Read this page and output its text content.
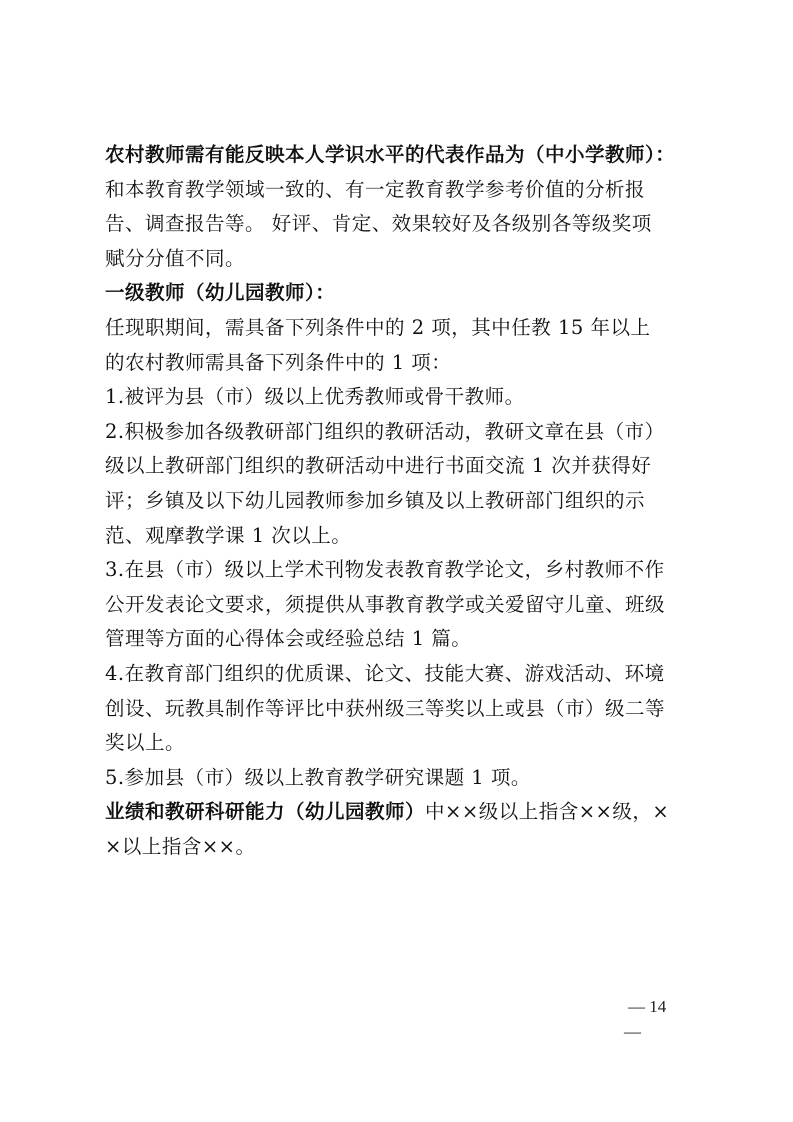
农村教师需有能反映本人学识水平的代表作品为（中小学教师）：
和本教育教学领域一致的、有一定教育教学参考价值的分析报
告、调查报告等。 好评、肯定、效果较好及各级别各等级奖项
赋分分值不同。
一级教师（幼儿园教师）：
任现职期间，需具备下列条件中的 2 项，其中任教 15 年以上
的农村教师需具备下列条件中的 1 项：
1.被评为县（市）级以上优秀教师或骨干教师。
2.积极参加各级教研部门组织的教研活动，教研文章在县（市）
级以上教研部门组织的教研活动中进行书面交流 1 次并获得好
评；乡镇及以下幼儿园教师参加乡镇及以上教研部门组织的示
范、观摩教学课 1 次以上。
3.在县（市）级以上学术刊物发表教育教学论文，乡村教师不作
公开发表论文要求，须提供从事教育教学或关爱留守儿童、班级
管理等方面的心得体会或经验总结 1 篇。
4.在教育部门组织的优质课、论文、技能大赛、游戏活动、环境
创设、玩教具制作等评比中获州级三等奖以上或县（市）级二等
奖以上。
5.参加县（市）级以上教育教学研究课题 1 项。
业绩和教研科研能力（幼儿园教师）中××级以上指含××级，×
×以上指含××。
— 14
—
